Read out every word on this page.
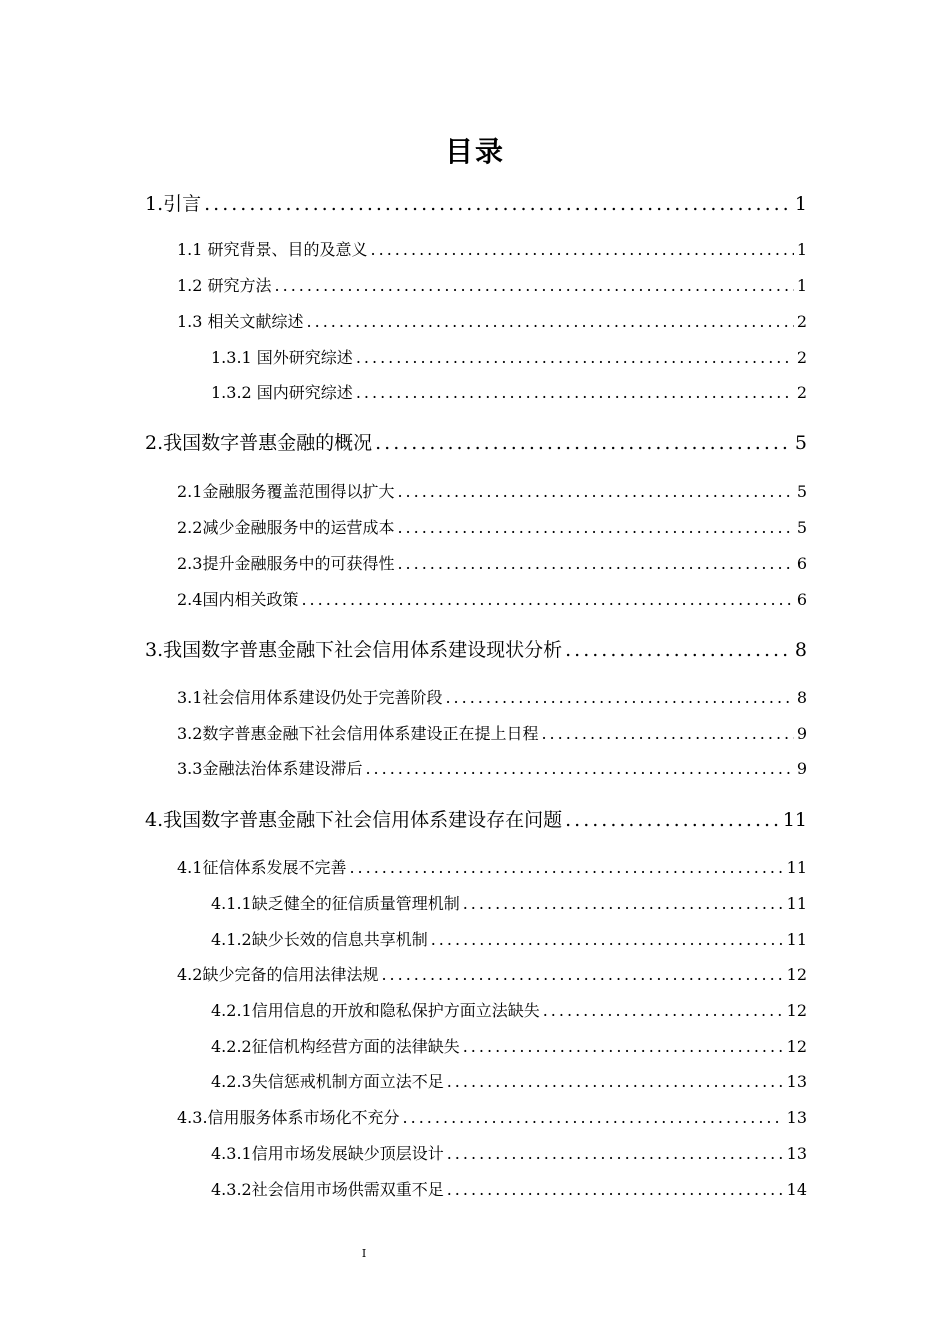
目录
1.引言 .....	1
1.1 研究背景、目的及意义 .....	1
1.2 研究方法 .....	1
1.3 相关文献综述 .....	2
1.3.1 国外研究综述 .....	2
1.3.2 国内研究综述 .....	2
2.我国数字普惠金融的概况 .....	5
2.1金融服务覆盖范围得以扩大 .....	5
2.2减少金融服务中的运营成本 .....	5
2.3提升金融服务中的可获得性 .....	6
2.4国内相关政策 .....	6
3.我国数字普惠金融下社会信用体系建设现状分析 .....	8
3.1社会信用体系建设仍处于完善阶段 .....	8
3.2数字普惠金融下社会信用体系建设正在提上日程 .....	9
3.3金融法治体系建设滞后 .....	9
4.我国数字普惠金融下社会信用体系建设存在问题 .....	11
4.1征信体系发展不完善 .....	11
4.1.1缺乏健全的征信质量管理机制 .....	11
4.1.2缺少长效的信息共享机制 .....	11
4.2缺少完备的信用法律法规 .....	12
4.2.1信用信息的开放和隐私保护方面立法缺失 .....	12
4.2.2征信机构经营方面的法律缺失 .....	12
4.2.3失信惩戒机制方面立法不足 .....	13
4.3.信用服务体系市场化不充分 .....	13
4.3.1信用市场发展缺少顶层设计 .....	13
4.3.2社会信用市场供需双重不足 .....	14
I
